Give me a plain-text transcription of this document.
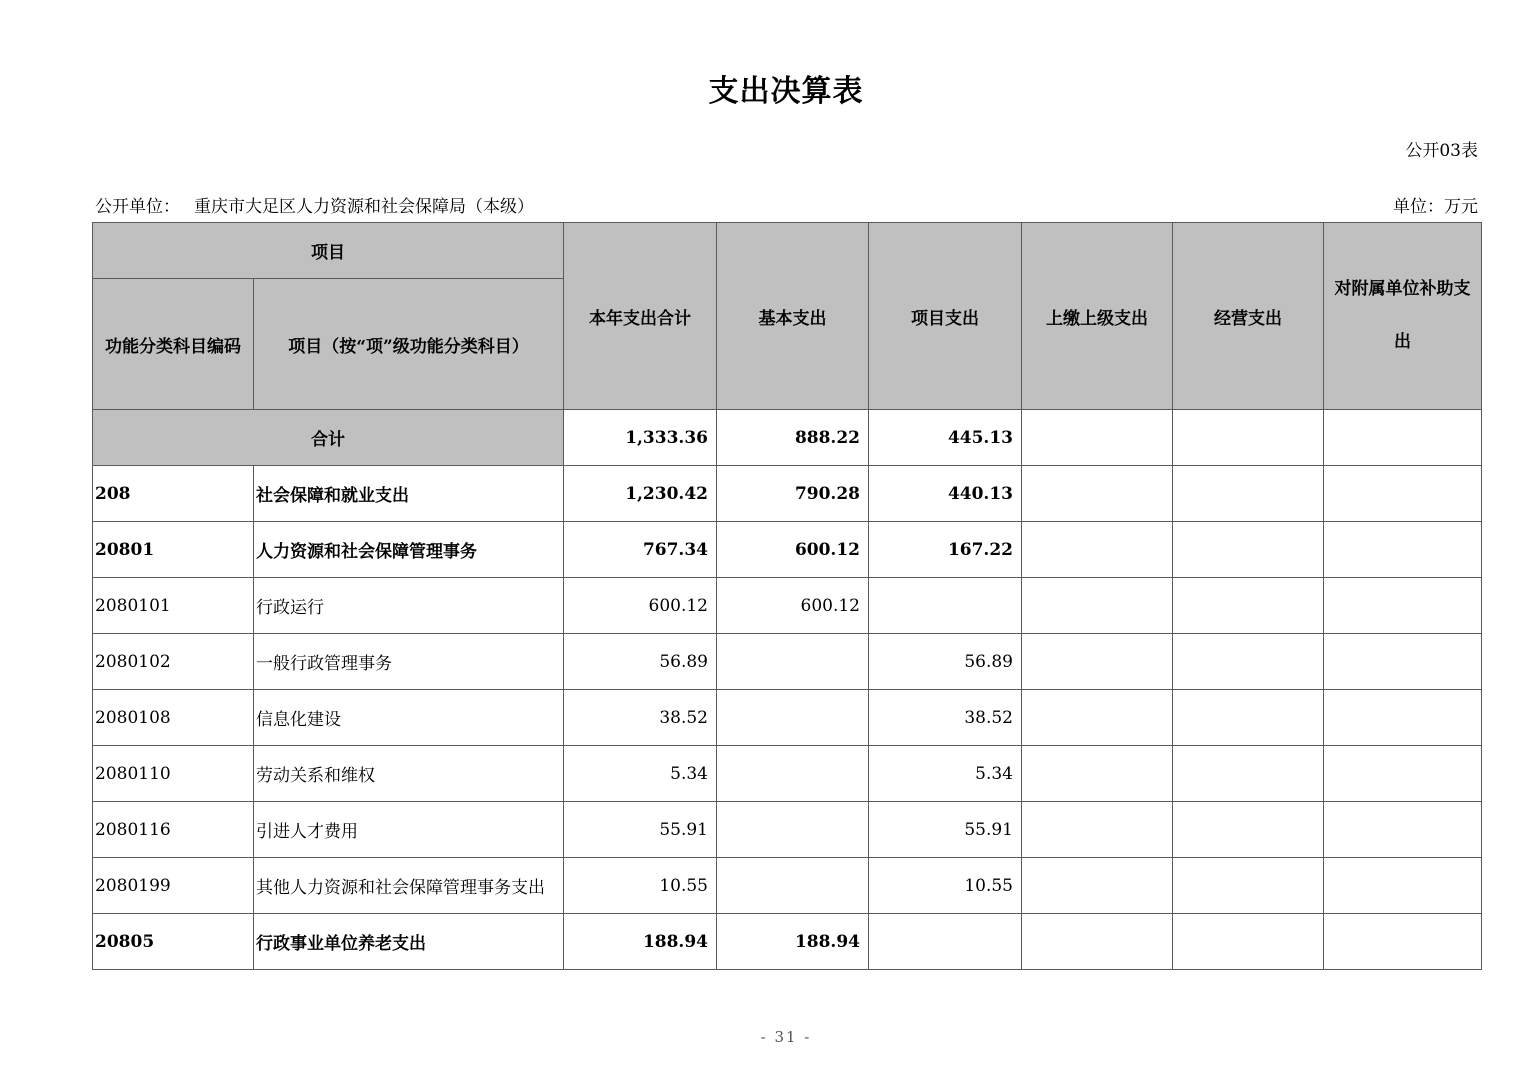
支出决算表
公开03表
公开单位： 重庆市大足区人力资源和社会保障局（本级）	单位：万元
项目		本年支出合计	基本支出	项目支出	上缴上级支出	经营支出	对附属单位补助支出
功能分类科目编码	项目（按“项”级功能分类科目）						
合计		1,333.36	888.22	445.13			
208	社会保障和就业支出	1,230.42	790.28	440.13			
20801	人力资源和社会保障管理事务	767.34	600.12	167.22			
2080101	行政运行	600.12	600.12				
2080102	一般行政管理事务	56.89		56.89			
2080108	信息化建设	38.52		38.52			
2080110	劳动关系和维权	5.34		5.34			
2080116	引进人才费用	55.91		55.91			
2080199	其他人力资源和社会保障管理事务支出	10.55		10.55			
20805	行政事业单位养老支出	188.94	188.94				
- 31 -
